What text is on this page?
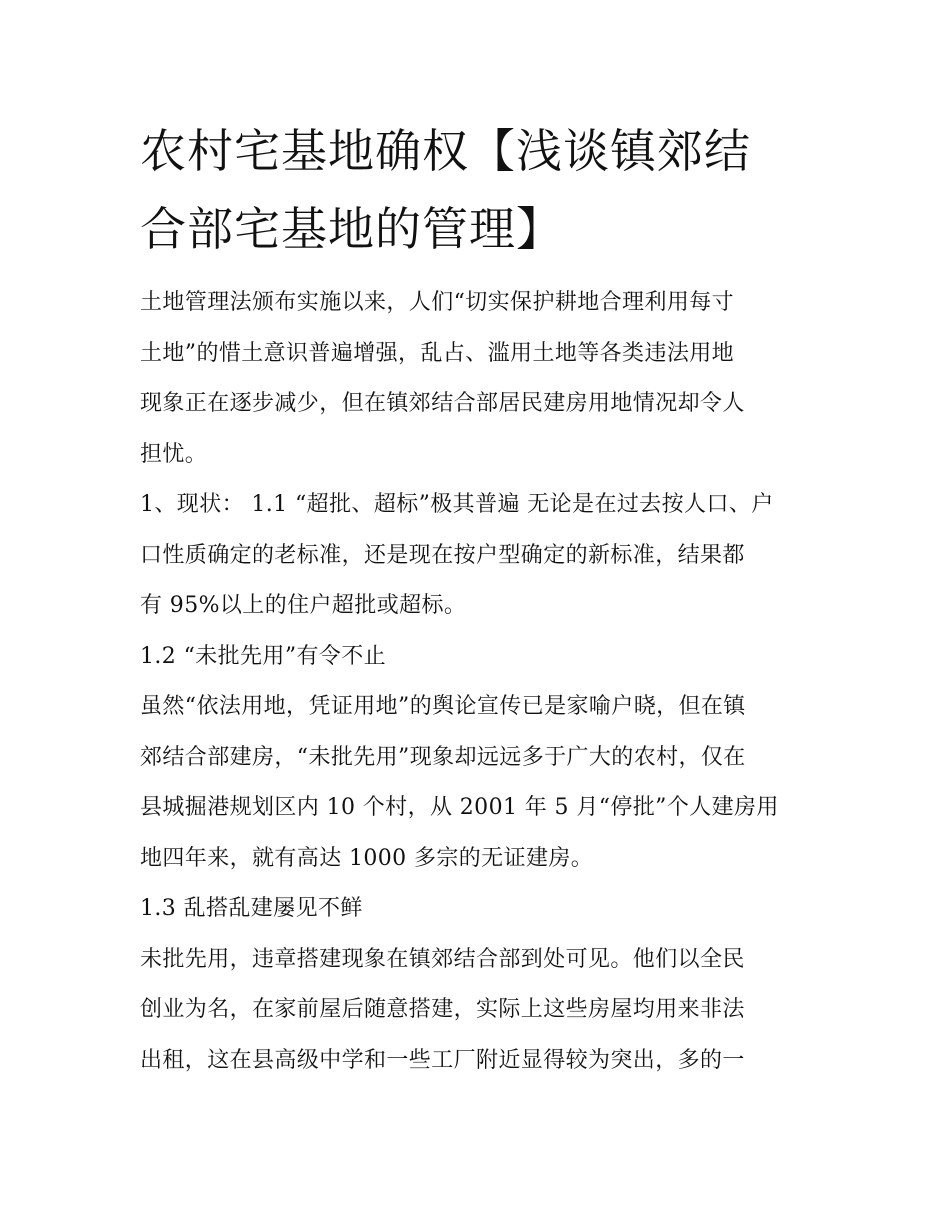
农村宅基地确权【浅谈镇郊结
合部宅基地的管理】
土地管理法颁布实施以来，人们“切实保护耕地合理利用每寸
土地”的惜土意识普遍增强，乱占、滥用土地等各类违法用地
现象正在逐步减少，但在镇郊结合部居民建房用地情况却令人
担忧。
1、现状： 1.1 “超批、超标”极其普遍 无论是在过去按人口、户
口性质确定的老标准，还是现在按户型确定的新标准，结果都
有 95%以上的住户超批或超标。
1.2 “未批先用”有令不止
虽然“依法用地，凭证用地”的舆论宣传已是家喻户晓，但在镇
郊结合部建房，“未批先用”现象却远远多于广大的农村，仅在
县城掘港规划区内 10 个村，从 2001 年 5 月“停批”个人建房用
地四年来，就有高达 1000 多宗的无证建房。
1.3 乱搭乱建屡见不鲜
未批先用，违章搭建现象在镇郊结合部到处可见。他们以全民
创业为名，在家前屋后随意搭建，实际上这些房屋均用来非法
出租，这在县高级中学和一些工厂附近显得较为突出，多的一
